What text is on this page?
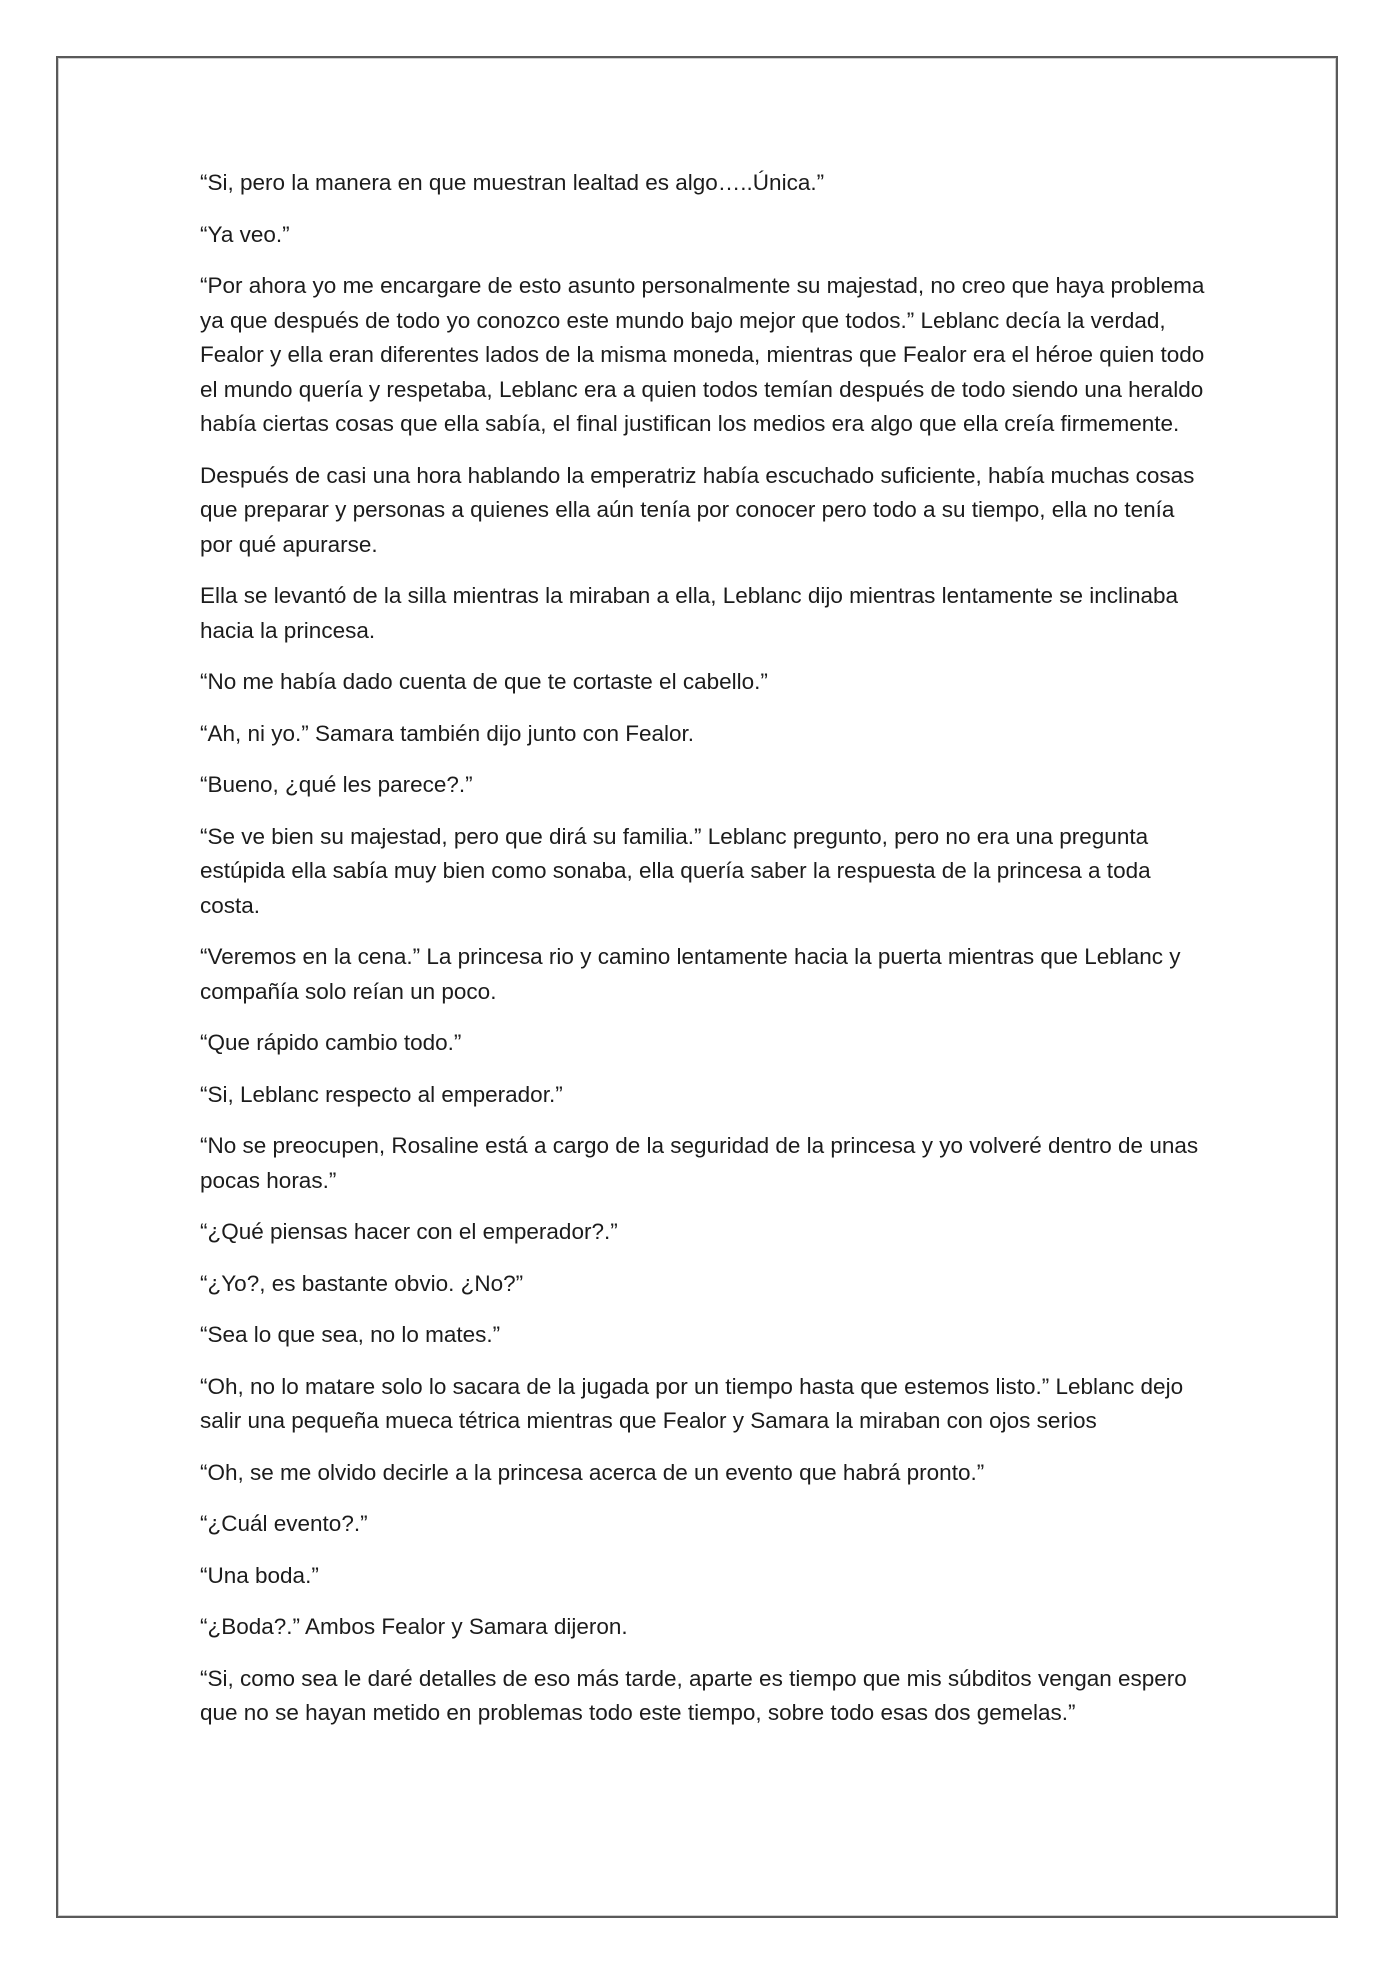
“Si, pero la manera en que muestran lealtad es algo…..Única.”

“Ya veo.”

“Por ahora yo me encargare de esto asunto personalmente su majestad, no creo que haya problema ya que después de todo yo conozco este mundo bajo mejor que todos.” Leblanc decía la verdad, Fealor y ella eran diferentes lados de la misma moneda, mientras que Fealor era el héroe quien todo el mundo quería y respetaba, Leblanc era a quien todos temían después de todo siendo una heraldo había ciertas cosas que ella sabía, el final justifican los medios era algo que ella creía firmemente.

Después de casi una hora hablando la emperatriz había escuchado suficiente, había muchas cosas que preparar y personas a quienes ella aún tenía por conocer pero todo a su tiempo, ella no tenía por qué apurarse.

Ella se levantó de la silla mientras la miraban a ella, Leblanc dijo mientras lentamente se inclinaba hacia la princesa.

“No me había dado cuenta de que te cortaste el cabello.”

“Ah, ni yo.” Samara también dijo junto con Fealor.

“Bueno, ¿qué les parece?.”

“Se ve bien su majestad, pero que dirá su familia.” Leblanc pregunto, pero no era una pregunta estúpida ella sabía muy bien como sonaba, ella quería saber la respuesta de la princesa a toda costa.

“Veremos en la cena.” La princesa rio y camino lentamente hacia la puerta mientras que Leblanc y compañía solo reían un poco.

“Que rápido cambio todo.”

“Si, Leblanc respecto al emperador.”

“No se preocupen, Rosaline está a cargo de la seguridad de la princesa y yo volveré dentro de unas pocas horas.”

“¿Qué piensas hacer con el emperador?.”

“¿Yo?, es bastante obvio. ¿No?”

“Sea lo que sea, no lo mates.”

“Oh, no lo matare solo lo sacara de la jugada por un tiempo hasta que estemos listo.” Leblanc dejo salir una pequeña mueca tétrica mientras que Fealor y Samara la miraban con ojos serios

“Oh, se me olvido decirle a la princesa acerca de un evento que habrá pronto.”

“¿Cuál evento?.”

“Una boda.”

“¿Boda?.” Ambos Fealor y Samara dijeron.

“Si, como sea le daré detalles de eso más tarde, aparte es tiempo que mis súbditos vengan espero que no se hayan metido en problemas todo este tiempo, sobre todo esas dos gemelas.”
